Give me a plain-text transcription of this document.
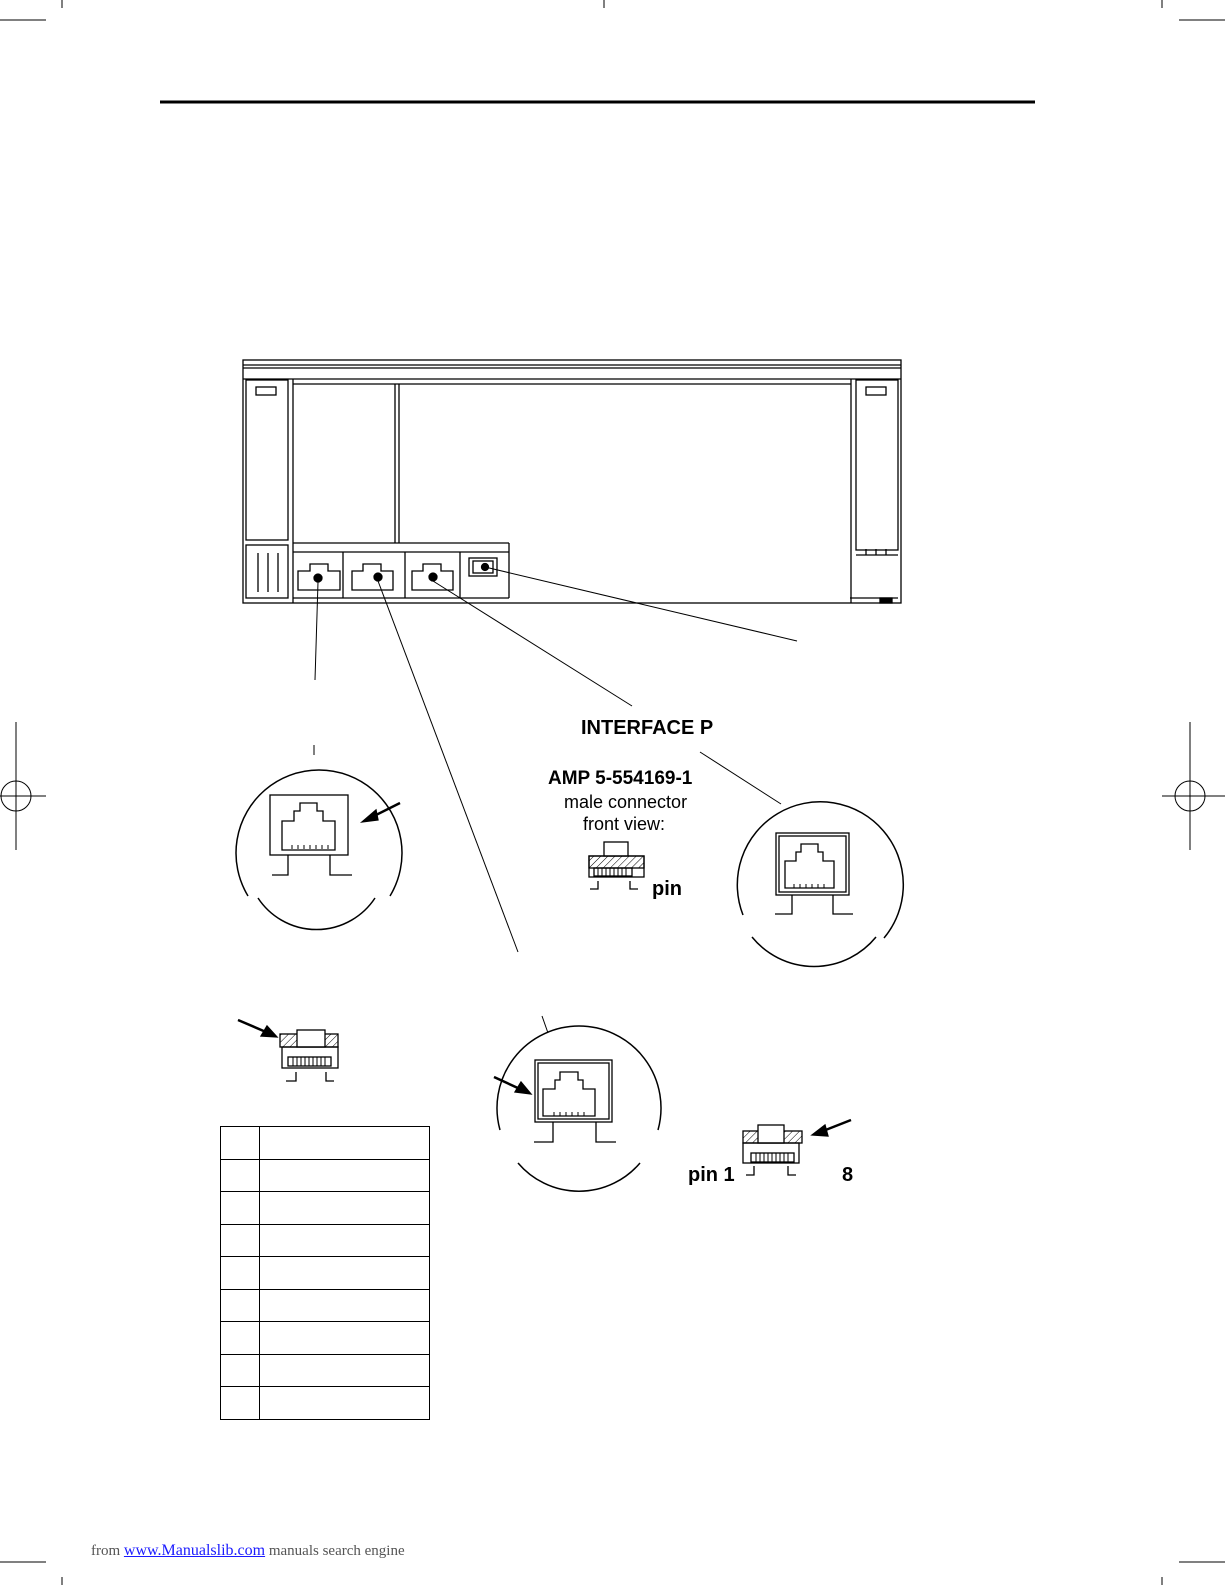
INTERFACE P
AMP 5-554169-1
male connector
front view:
pin
pin 1	8

from www.Manualslib.com manuals search engine
